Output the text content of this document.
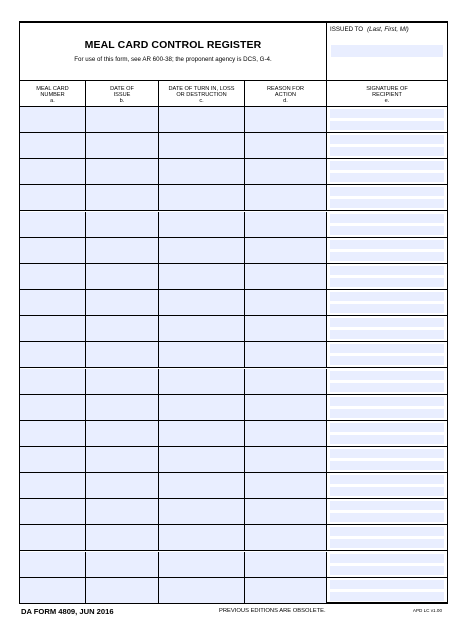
MEAL CARD CONTROL REGISTER
For use of this form, see AR 600-38; the proponent agency is DCS, G-4.
ISSUED TO (Last, First, MI)
MEAL CARD
NUMBER
a.
DATE OF
ISSUE
b.
DATE OF TURN IN, LOSS
OR DESTRUCTION
c.
REASON FOR
ACTION
d.
SIGNATURE OF
RECIPIENT
e.
DA FORM 4809, JUN 2016	PREVIOUS EDITIONS ARE OBSOLETE.	APD LC v1.00
